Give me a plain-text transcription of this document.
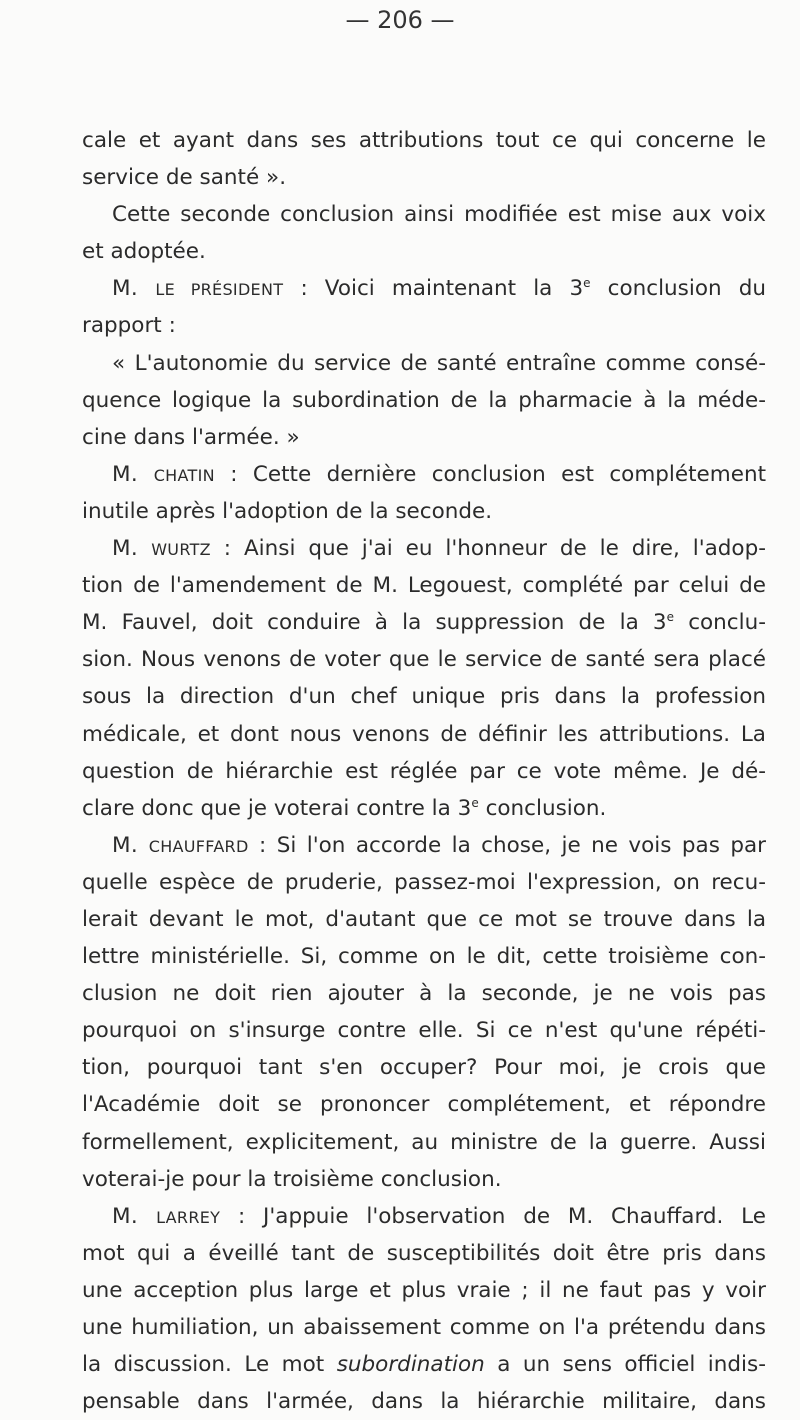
— 206 —
cale et ayant dans ses attributions tout ce qui concerne le
service de santé ».
Cette seconde conclusion ainsi modifiée est mise aux voix
et adoptée.
M. LE PRÉSIDENT : Voici maintenant la 3e conclusion du
rapport :
« L'autonomie du service de santé entraîne comme consé-
quence logique la subordination de la pharmacie à la méde-
cine dans l'armée. »
M. CHATIN : Cette dernière conclusion est complétement
inutile après l'adoption de la seconde.
M. WURTZ : Ainsi que j'ai eu l'honneur de le dire, l'adop-
tion de l'amendement de M. Legouest, complété par celui de
M. Fauvel, doit conduire à la suppression de la 3e conclu-
sion. Nous venons de voter que le service de santé sera placé
sous la direction d'un chef unique pris dans la profession
médicale, et dont nous venons de définir les attributions. La
question de hiérarchie est réglée par ce vote même. Je dé-
clare donc que je voterai contre la 3e conclusion.
M. CHAUFFARD : Si l'on accorde la chose, je ne vois pas par
quelle espèce de pruderie, passez-moi l'expression, on recu-
lerait devant le mot, d'autant que ce mot se trouve dans la
lettre ministérielle. Si, comme on le dit, cette troisième con-
clusion ne doit rien ajouter à la seconde, je ne vois pas
pourquoi on s'insurge contre elle. Si ce n'est qu'une répéti-
tion, pourquoi tant s'en occuper? Pour moi, je crois que
l'Académie doit se prononcer complétement, et répondre
formellement, explicitement, au ministre de la guerre. Aussi
voterai-je pour la troisième conclusion.
M. LARREY : J'appuie l'observation de M. Chauffard. Le
mot qui a éveillé tant de susceptibilités doit être pris dans
une acception plus large et plus vraie ; il ne faut pas y voir
une humiliation, un abaissement comme on l'a prétendu dans
la discussion. Le mot subordination a un sens officiel indis-
pensable dans l'armée, dans la hiérarchie militaire, dans
